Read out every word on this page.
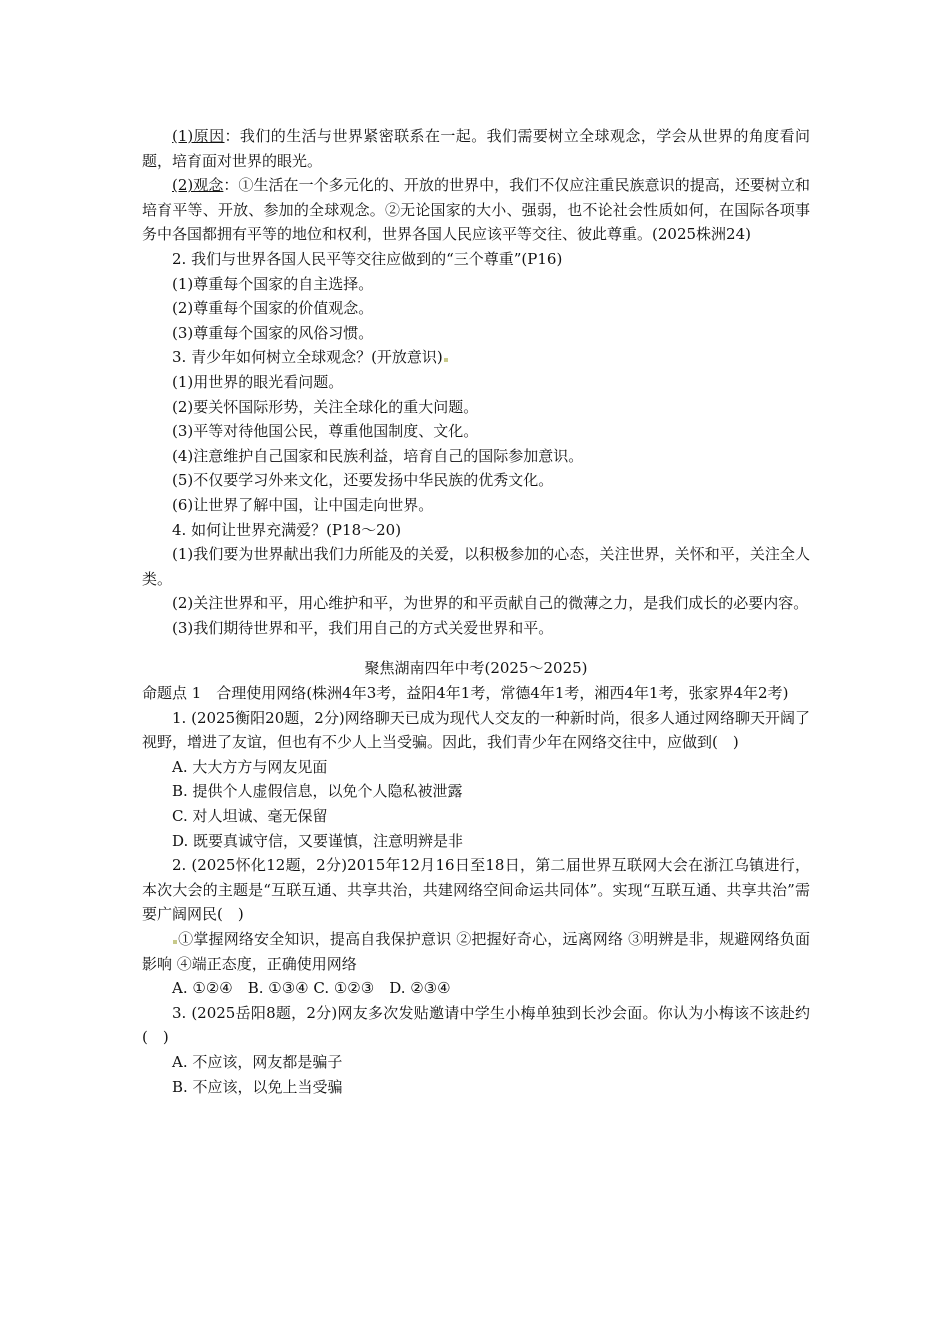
(1)原因：我们的生活与世界紧密联系在一起。我们需要树立全球观念，学会从世界的角度看问题，培育面对世界的眼光。

(2)观念：①生活在一个多元化的、开放的世界中，我们不仅应注重民族意识的提高，还要树立和培育平等、开放、参加的全球观念。②无论国家的大小、强弱，也不论社会性质如何，在国际各项事务中各国都拥有平等的地位和权利，世界各国人民应该平等交往、彼此尊重。(2025株洲24)

2. 我们与世界各国人民平等交往应做到的“三个尊重”(P16)

(1)尊重每个国家的自主选择。

(2)尊重每个国家的价值观念。

(3)尊重每个国家的风俗习惯。

3. 青少年如何树立全球观念？(开放意识)

(1)用世界的眼光看问题。

(2)要关怀国际形势，关注全球化的重大问题。

(3)平等对待他国公民，尊重他国制度、文化。

(4)注意维护自己国家和民族利益，培育自己的国际参加意识。

(5)不仅要学习外来文化，还要发扬中华民族的优秀文化。

(6)让世界了解中国，让中国走向世界。

4. 如何让世界充满爱？(P18～20)

(1)我们要为世界献出我们力所能及的关爱，以积极参加的心态，关注世界，关怀和平，关注全人类。

(2)关注世界和平，用心维护和平，为世界的和平贡献自己的微薄之力，是我们成长的必要内容。

(3)我们期待世界和平，我们用自己的方式关爱世界和平。

聚焦湖南四年中考(2025～2025)

命题点 1　合理使用网络(株洲4年3考，益阳4年1考，常德4年1考，湘西4年1考，张家界4年2考)

1. (2025衡阳20题，2分)网络聊天已成为现代人交友的一种新时尚，很多人通过网络聊天开阔了视野，增进了友谊，但也有不少人上当受骗。因此，我们青少年在网络交往中，应做到(　)

A. 大大方方与网友见面

B. 提供个人虚假信息，以免个人隐私被泄露

C. 对人坦诚、毫无保留

D. 既要真诚守信，又要谨慎，注意明辨是非

2. (2025怀化12题，2分)2015年12月16日至18日，第二届世界互联网大会在浙江乌镇进行，本次大会的主题是“互联互通、共享共治，共建网络空间命运共同体”。实现“互联互通、共享共治”需要广阔网民(　)

①掌握网络安全知识，提高自我保护意识 ②把握好奇心，远离网络 ③明辨是非，规避网络负面影响 ④端正态度，正确使用网络

A. ①②④　B. ①③④ C. ①②③　D. ②③④

3. (2025岳阳8题，2分)网友多次发贴邀请中学生小梅单独到长沙会面。你认为小梅该不该赴约(　)

A. 不应该，网友都是骗子

B. 不应该，以免上当受骗
